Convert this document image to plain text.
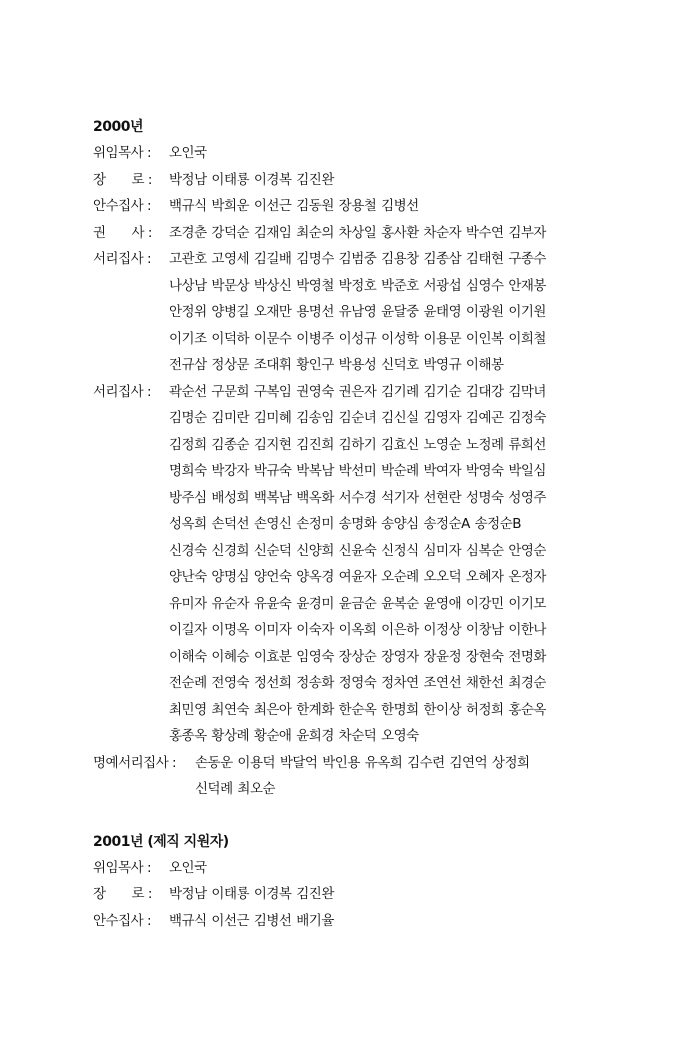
2000년
위임목사 :	오인국
장　　로 :	박정남 이태룡 이경복 김진완
안수집사 :	백규식 박희운 이선근 김동원 장용철 김병선
권　　사 :	조경춘 강덕순 김재임 최순의 차상일 홍사환 차순자 박수연 김부자
서리집사 :	고관호 고영세 김길배 김명수 김범중 김용창 김종삼 김태현 구종수
나상남 박문상 박상신 박영철 박정호 박준호 서광섭 심영수 안재봉
안정위 양병길 오재만 용명선 유남영 윤달중 윤태영 이광원 이기원
이기조 이덕하 이문수 이병주 이성규 이성학 이용문 이인복 이희철
전규삼 정상문 조대휘 황인구 박용성 신덕호 박영규 이해봉
서리집사 :	곽순선 구문희 구복임 권영숙 권은자 김기례 김기순 김대강 김막녀
김명순 김미란 김미혜 김송임 김순녀 김신실 김영자 김예곤 김정숙
김정희 김종순 김지현 김진희 김하기 김효신 노영순 노정례 류희선
명희숙 박강자 박규숙 박복남 박선미 박순례 박여자 박영숙 박일심
방주심 배성희 백복남 백옥화 서수경 석기자 선현란 성명숙 성영주
성옥희 손덕선 손영신 손정미 송명화 송양심 송정순A 송정순B
신경숙 신경희 신순덕 신양희 신윤숙 신정식 심미자 심복순 안영순
양난숙 양명심 양언숙 양옥경 여윤자 오순례 오오덕 오혜자 온정자
유미자 유순자 유윤숙 윤경미 윤금순 윤복순 윤영애 이강민 이기모
이길자 이명옥 이미자 이숙자 이옥희 이은하 이정상 이창남 이한나
이해숙 이혜승 이효분 임영숙 장상순 장영자 장윤정 장현숙 전명화
전순례 전영숙 정선희 정송화 정영숙 정차연 조연선 채한선 최경순
최민영 최연숙 최은아 한계화 한순옥 한명희 한이상 허정희 홍순옥
홍종옥 황상례 황순애 윤희경 차순덕 오영숙
명예서리집사 :	손동운 이용덕 박달억 박인용 유옥희 김수련 김연억 상정희
신덕례 최오순
2001년 (제직 지원자)
위임목사 :	오인국
장　　로 :	박정남 이태룡 이경복 김진완
안수집사 :	백규식 이선근 김병선 배기율
